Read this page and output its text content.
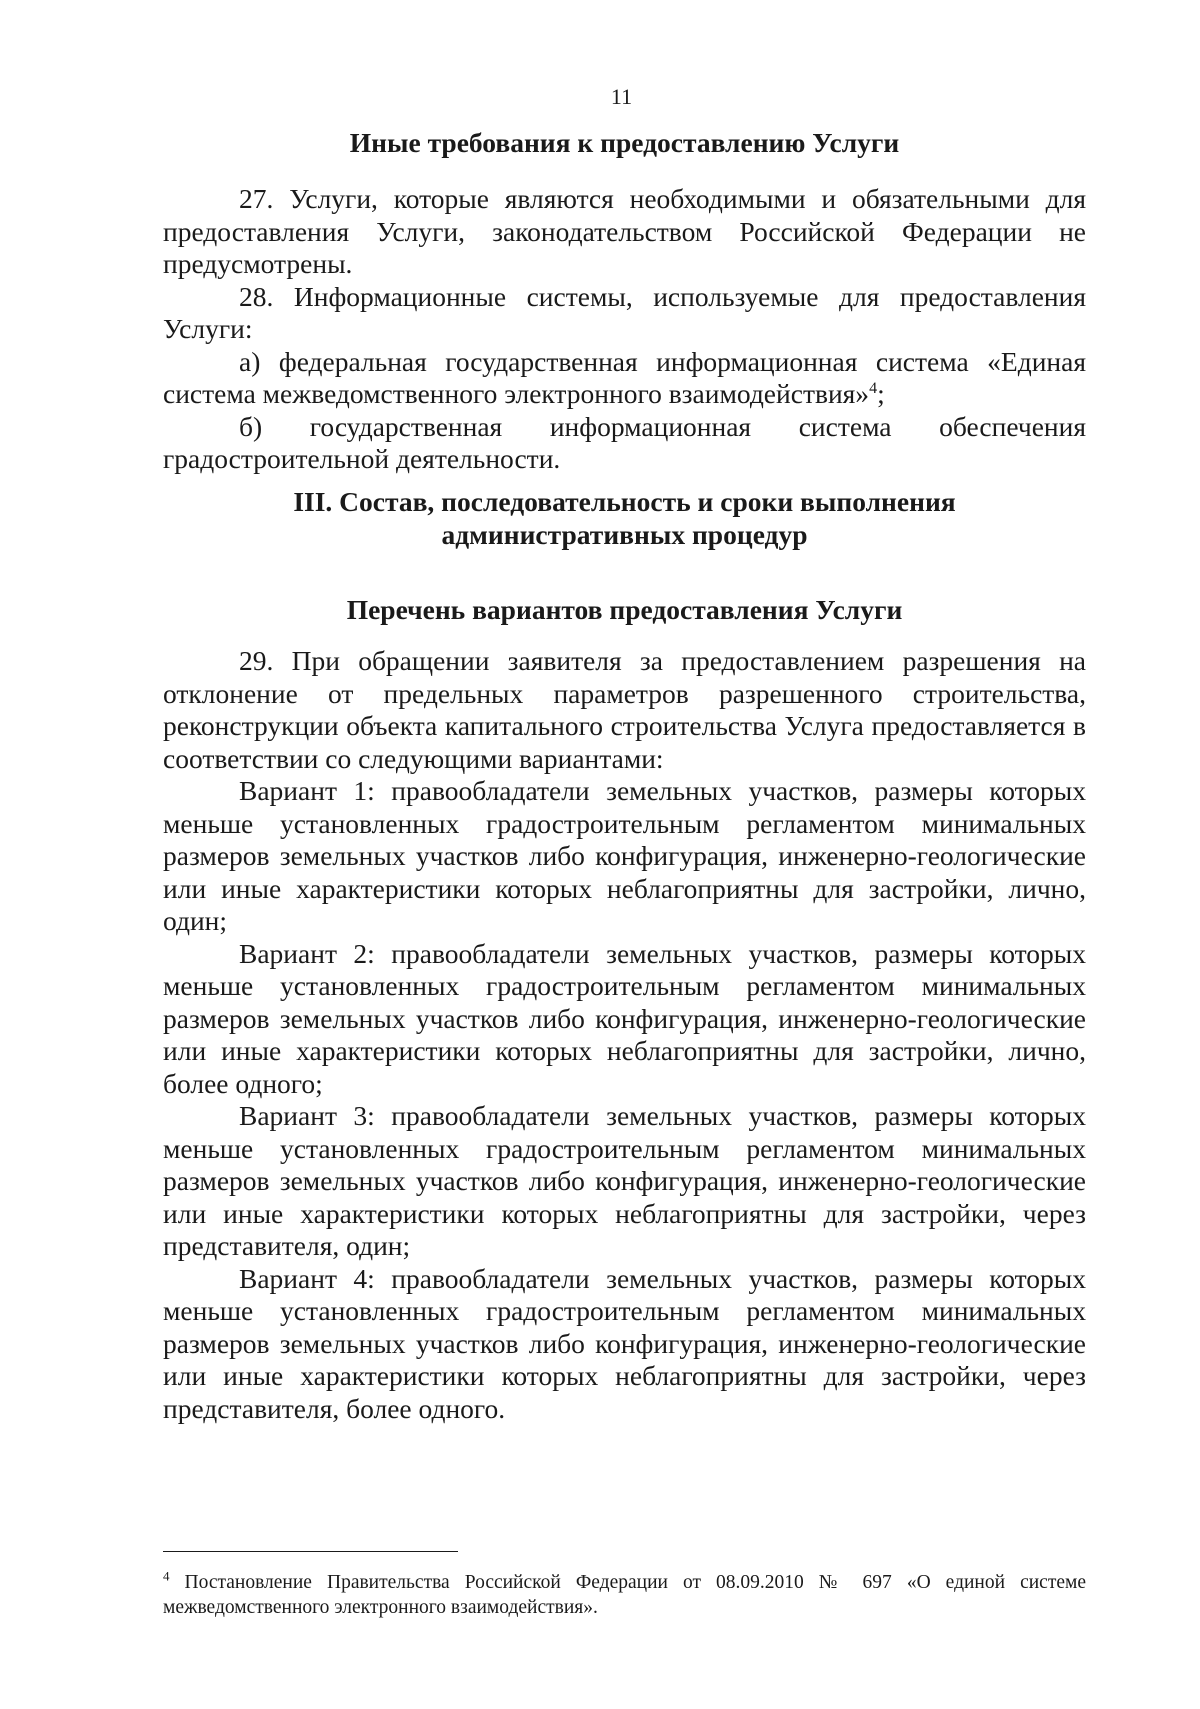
11

Иные требования к предоставлению Услуги

27. Услуги, которые являются необходимыми и обязательными для предоставления Услуги, законодательством Российской Федерации не предусмотрены.

28. Информационные системы, используемые для предоставления Услуги:

а) федеральная государственная информационная система «Единая система межведомственного электронного взаимодействия»$^4$;

б) государственная информационная система обеспечения градостроительной деятельности.

III. Состав, последовательность и сроки выполнения

административных процедур

Перечень вариантов предоставления Услуги

29. При обращении заявителя за предоставлением разрешения на отклонение от предельных параметров разрешенного строительства, реконструкции объекта капитального строительства Услуга предоставляется в соответствии со следующими вариантами:

Вариант 1: правообладатели земельных участков, размеры которых меньше установленных градостроительным регламентом минимальных размеров земельных участков либо конфигурация, инженерно-геологические или иные характеристики которых неблагоприятны для застройки, лично, один;

Вариант 2: правообладатели земельных участков, размеры которых меньше установленных градостроительным регламентом минимальных размеров земельных участков либо конфигурация, инженерно-геологические или иные характеристики которых неблагоприятны для застройки, лично, более одного;

Вариант 3: правообладатели земельных участков, размеры которых меньше установленных градостроительным регламентом минимальных размеров земельных участков либо конфигурация, инженерно-геологические или иные характеристики которых неблагоприятны для застройки, через представителя, один;

Вариант 4: правообладатели земельных участков, размеры которых меньше установленных градостроительным регламентом минимальных размеров земельных участков либо конфигурация, инженерно-геологические или иные характеристики которых неблагоприятны для застройки, через представителя, более одного.

$^4$ Постановление Правительства Российской Федерации от 08.09.2010 № 697 «О единой системе межведомственного электронного взаимодействия».
